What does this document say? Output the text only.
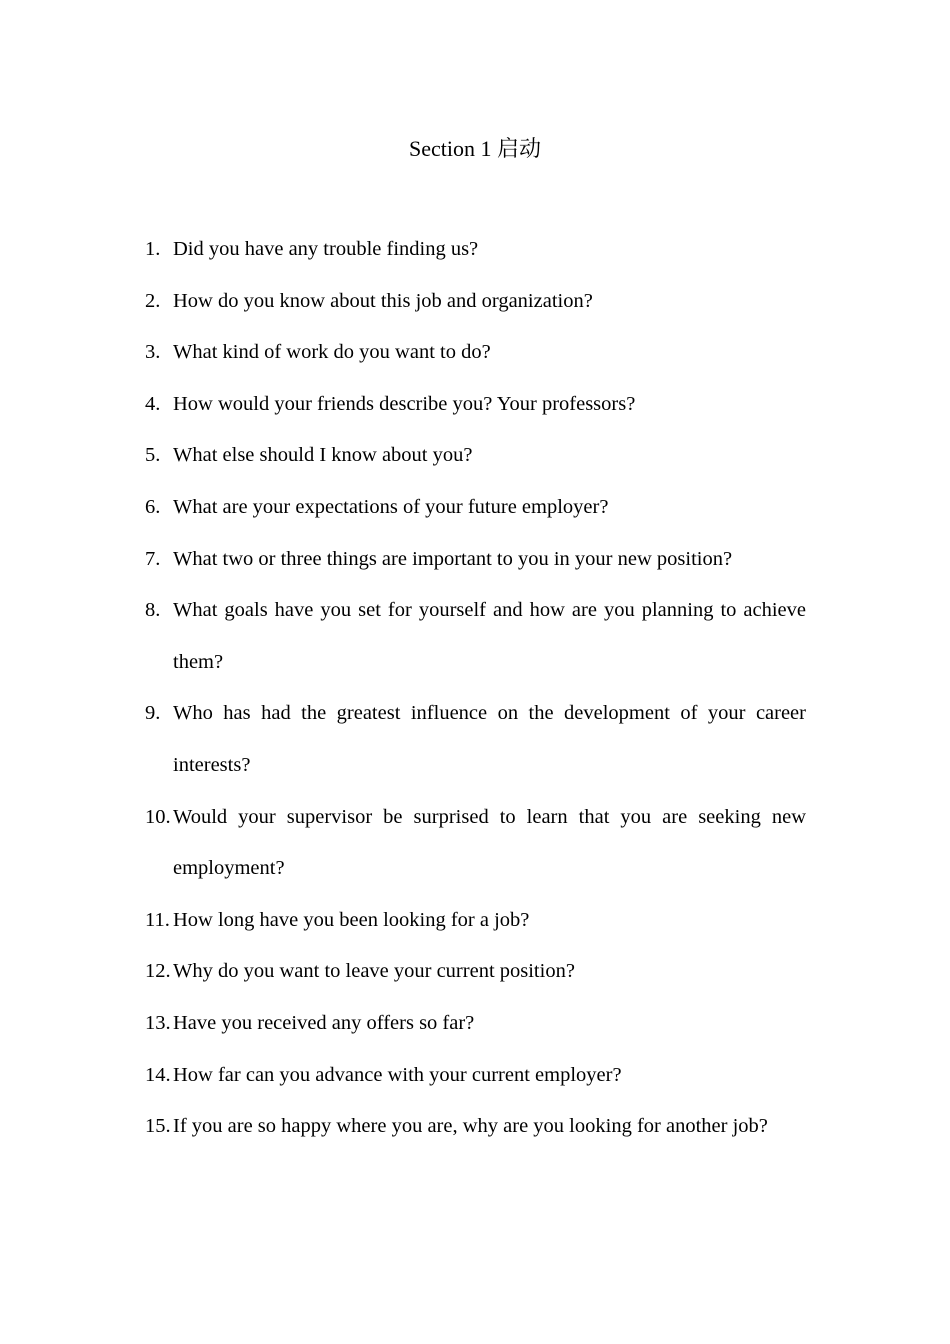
Section 1 启动
1. Did you have any trouble finding us?
2. How do you know about this job and organization?
3. What kind of work do you want to do?
4. How would your friends describe you? Your professors?
5. What else should I know about you?
6. What are your expectations of your future employer?
7. What two or three things are important to you in your new position?
8. What goals have you set for yourself and how are you planning to achieve them?
9. Who has had the greatest influence on the development of your career interests?
10. Would your supervisor be surprised to learn that you are seeking new employment?
11. How long have you been looking for a job?
12. Why do you want to leave your current position?
13. Have you received any offers so far?
14. How far can you advance with your current employer?
15. If you are so happy where you are, why are you looking for another job?
